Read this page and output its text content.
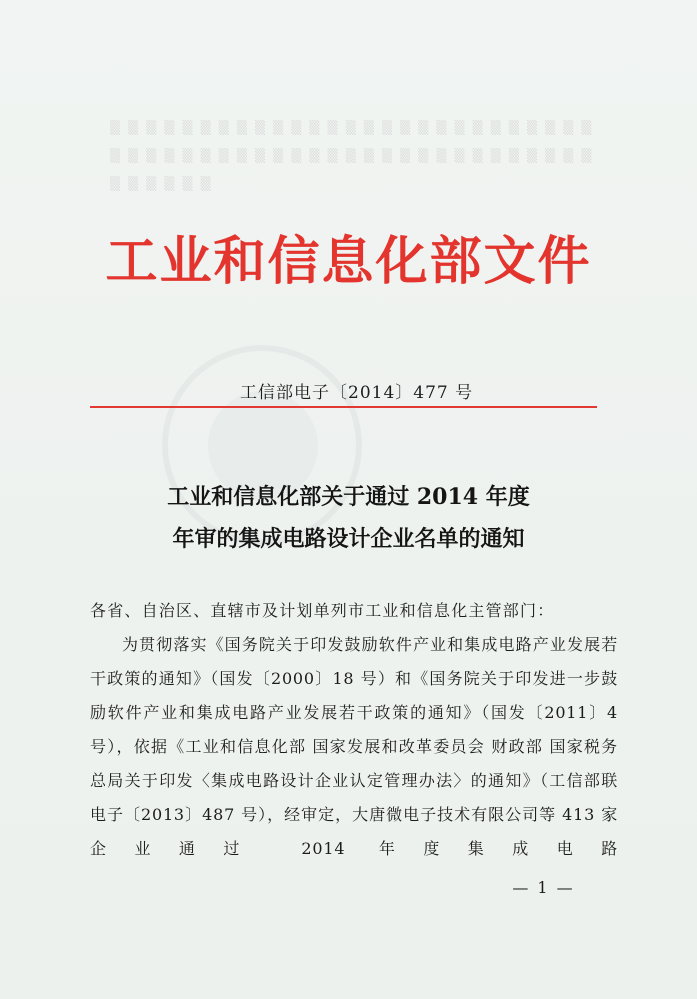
▒ ▒ ▒ ▒ ▒ ▒ ▒ ▒ ▒ ▒ ▒ ▒ ▒ ▒ ▒ ▒ ▒ ▒ ▒ ▒ ▒ ▒ ▒ ▒ ▒ ▒ ▒
▒ ▒ ▒ ▒ ▒ ▒ ▒ ▒ ▒ ▒ ▒ ▒ ▒ ▒ ▒ ▒ ▒ ▒ ▒ ▒ ▒ ▒ ▒ ▒ ▒ ▒ ▒
▒ ▒ ▒ ▒ ▒ ▒
工业和信息化部文件
工信部电子〔2014〕477 号
工业和信息化部关于通过 2014 年度
年审的集成电路设计企业名单的通知

各省、自治区、直辖市及计划单列市工业和信息化主管部门：

为贯彻落实《国务院关于印发鼓励软件产业和集成电路产业发展若干政策的通知》（国发〔2000〕18 号）和《国务院关于印发进一步鼓励软件产业和集成电路产业发展若干政策的通知》（国发〔2011〕4 号），依据《工业和信息化部 国家发展和改革委员会 财政部 国家税务总局关于印发〈集成电路设计企业认定管理办法〉的通知》（工信部联电子〔2013〕487 号），经审定，大唐微电子技术有限公司等 413 家企业通过 2014 年度集成电路

— 1 —
